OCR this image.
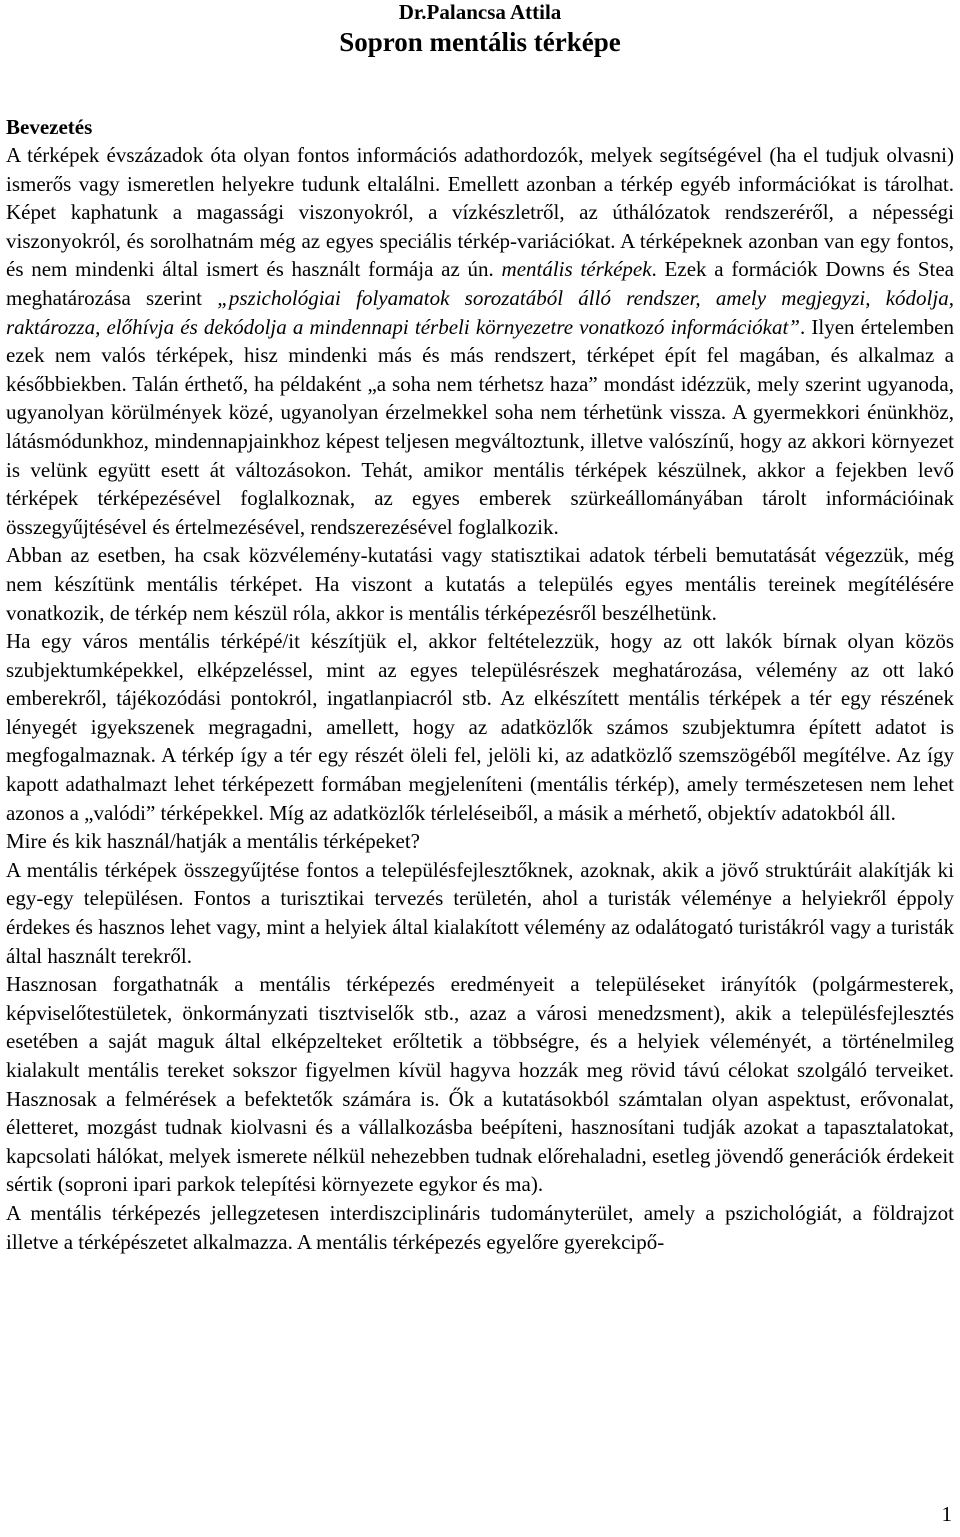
Dr.Palancsa Attila

Sopron mentális térképe

Bevezetés

A térképek évszázadok óta olyan fontos információs adathordozók, melyek segítségével (ha el tudjuk olvasni) ismerős vagy ismeretlen helyekre tudunk eltalálni. Emellett azonban a térkép egyéb információkat is tárolhat. Képet kaphatunk a magassági viszonyokról, a vízkészletről, az úthálózatok rendszeréről, a népességi viszonyokról, és sorolhatnám még az egyes speciális térkép-variációkat. A térképeknek azonban van egy fontos, és nem mindenki által ismert és használt formája az ún. mentális térképek. Ezek a formációk Downs és Stea meghatározása szerint „pszichológiai folyamatok sorozatából álló rendszer, amely megjegyzi, kódolja, raktározza, előhívja és dekódolja a mindennapi térbeli környezetre vonatkozó információkat”. Ilyen értelemben ezek nem valós térképek, hisz mindenki más és más rendszert, térképet épít fel magában, és alkalmaz a későbbiekben. Talán érthető, ha példaként „a soha nem térhetsz haza” mondást idézzük, mely szerint ugyanoda, ugyanolyan körülmények közé, ugyanolyan érzelmekkel soha nem térhetünk vissza. A gyermekkori énünkhöz, látásmódunkhoz, mindennapjainkhoz képest teljesen megváltoztunk, illetve valószínű, hogy az akkori környezet is velünk együtt esett át változásokon. Tehát, amikor mentális térképek készülnek, akkor a fejekben levő térképek térképezésével foglalkoznak, az egyes emberek szürkeállományában tárolt információinak összegyűjtésével és értelmezésével, rendszerezésével foglalkozik.

Abban az esetben, ha csak közvélemény-kutatási vagy statisztikai adatok térbeli bemutatását végezzük, még nem készítünk mentális térképet. Ha viszont a kutatás a település egyes mentális tereinek megítélésére vonatkozik, de térkép nem készül róla, akkor is mentális térképezésről beszélhetünk.

Ha egy város mentális térképé/it készítjük el, akkor feltételezzük, hogy az ott lakók bírnak olyan közös szubjektumképekkel, elképzeléssel, mint az egyes településrészek meghatározása, vélemény az ott lakó emberekről, tájékozódási pontokról, ingatlanpiacról stb. Az elkészített mentális térképek a tér egy részének lényegét igyekszenek megragadni, amellett, hogy az adatközlők számos szubjektumra épített adatot is megfogalmaznak. A térkép így a tér egy részét öleli fel, jelöli ki, az adatközlő szemszögéből megítélve. Az így kapott adathalmazt lehet térképezett formában megjeleníteni (mentális térkép), amely természetesen nem lehet azonos a „valódi” térképekkel. Míg az adatközlők térleléseiből, a másik a mérhető, objektív adatokból áll.

Mire és kik használ/hatják a mentális térképeket?

A mentális térképek összegyűjtése fontos a településfejlesztőknek, azoknak, akik a jövő struktúráit alakítják ki egy-egy településen. Fontos a turisztikai tervezés területén, ahol a turisták véleménye a helyiekről éppoly érdekes és hasznos lehet vagy, mint a helyiek által kialakított vélemény az odalátogató turistákról vagy a turisták által használt terekről.

Hasznosan forgathatnák a mentális térképezés eredményeit a településeket irányítók (polgármesterek, képviselőtestületek, önkormányzati tisztviselők stb., azaz a városi menedzsment), akik a településfejlesztés esetében a saját maguk által elképzelteket erőltetik a többségre, és a helyiek véleményét, a történelmileg kialakult mentális tereket sokszor figyelmen kívül hagyva hozzák meg rövid távú célokat szolgáló terveiket. Hasznosak a felmérések a befektetők számára is. Ők a kutatásokból számtalan olyan aspektust, erővonalat, életteret, mozgást tudnak kiolvasni és a vállalkozásba beépíteni, hasznosítani tudják azokat a tapasztalatokat, kapcsolati hálókat, melyek ismerete nélkül nehezebben tudnak előrehaladni, esetleg jövendő generációk érdekeit sértik (soproni ipari parkok telepítési környezete egykor és ma).

A mentális térképezés jellegzetesen interdiszciplináris tudományterület, amely a pszichológiát, a földrajzot illetve a térképészetet alkalmazza. A mentális térképezés egyelőre gyerekcipő-

1
